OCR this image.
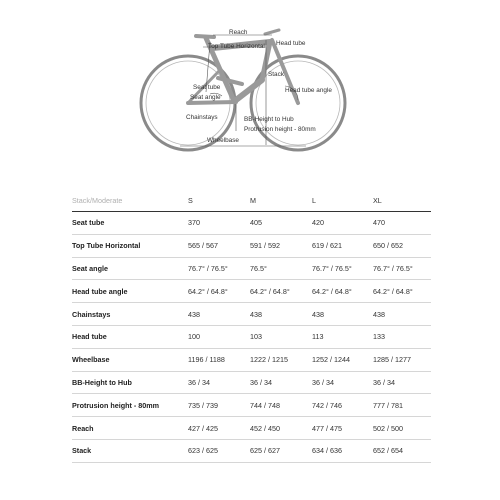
Reach
Top Tube Horizontal Head tube
Stack
Seat tube
Seat angle
Head tube angle
Chainstays	BB-Height to Hub
Protrusion height - 80mm
Wheelbase
Stack/Moderate	S	M	L	XL
Seat tube	370	405	420	470
Top Tube Horizontal	565 / 567	591 / 592	619 / 621	650 / 652
Seat angle	76.7° / 76.5°	76.5°	76.7° / 76.5°	76.7° / 76.5°
Head tube angle	64.2° / 64.8°	64.2° / 64.8°	64.2° / 64.8°	64.2° / 64.8°
Chainstays	438	438	438	438
Head tube	100	103	113	133
Wheelbase	1196 / 1188	1222 / 1215	1252 / 1244	1285 / 1277
BB-Height to Hub	36 / 34	36 / 34	36 / 34	36 / 34
Protrusion height - 80mm	735 / 739	744 / 748	742 / 746	777 / 781
Reach	427 / 425	452 / 450	477 / 475	502 / 500
Stack	623 / 625	625 / 627	634 / 636	652 / 654
